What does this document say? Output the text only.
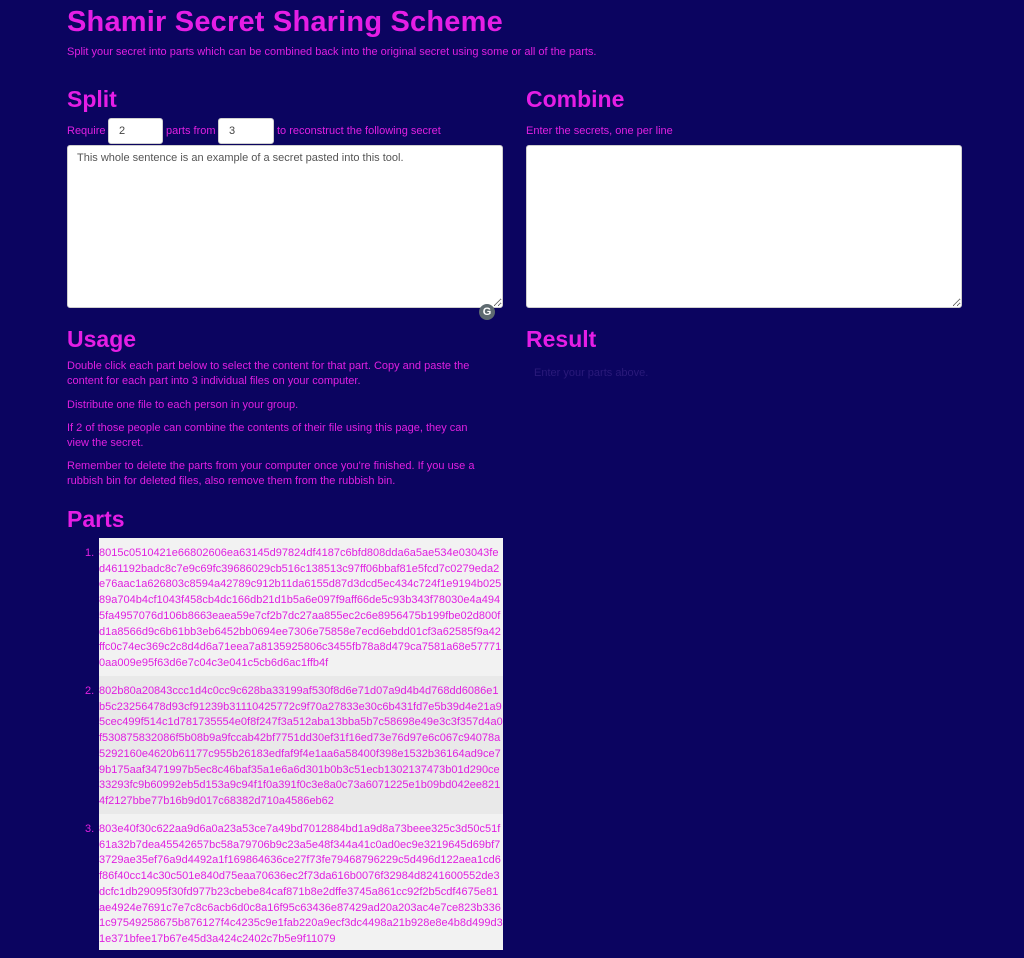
Shamir Secret Sharing Scheme
Split your secret into parts which can be combined back into the original secret using some or all of the parts.
Split
Require
2	parts from
3	to reconstruct the following secret
This whole sentence is an example of a secret pasted into this tool.
G
Combine
Enter the secrets, one per line
Usage

Double click each part below to select the content for that part. Copy and paste the content for each part into 3 individual files on your computer.

Distribute one file to each person in your group.

If 2 of those people can combine the contents of their file using this page, they can view the secret.

Remember to delete the parts from your computer once you're finished. If you use a rubbish bin for deleted files, also remove them from the rubbish bin.

Result
Enter your parts above.
Parts
1. 8015c0510421e66802606ea63145d97824df4187c6bfd808dda6a5ae534e03043fed461192badc8c7e9c69fc39686029cb516c138513c97ff06bbaf81e5fcd7c0279eda2e76aac1a626803c8594a42789c912b11da6155d87d3dcd5ec434c724f1e9194b02589a704b4cf1043f458cb4dc166db21d1b5a6e097f9aff66de5c93b343f78030e4a4945fa4957076d106b8663eaea59e7cf2b7dc27aa855ec2c6e8956475b199fbe02d800fd1a8566d9c6b61bb3eb6452bb0694ee7306e75858e7ecd6ebdd01cf3a62585f9a42ffc0c74ec369c2c8d4d6a71eea7a8135925806c3455fb78a8d479ca7581a68e577710aa009e95f63d6e7c04c3e041c5cb6d6ac1ffb4f
2. 802b80a20843ccc1d4c0cc9c628ba33199af530f8d6e71d07a9d4b4d768dd6086e1b5c23256478d93cf91239b31110425772c9f70a27833e30c6b431fd7e5b39d4e21a95cec499f514c1d781735554e0f8f247f3a512aba13bba5b7c58698e49e3c3f357d4a0f530875832086f5b08b9a9fccab42bf7751dd30ef31f16ed73e76d97e6c067c94078a5292160e4620b61177c955b26183edfaf9f4e1aa6a58400f398e1532b36164ad9ce79b175aaf3471997b5ec8c46baf35a1e6a6d301b0b3c51ecb1302137473b01d290ce33293fc9b60992eb5d153a9c94f1f0a391f0c3e8a0c73a6071225e1b09bd042ee8214f2127bbe77b16b9d017c68382d710a4586eb62
3. 803e40f30c622aa9d6a0a23a53ce7a49bd7012884bd1a9d8a73beee325c3d50c51f61a32b7dea45542657bc58a79706b9c23a5e48f344a41c0ad0ec9e3219645d69bf73729ae35ef76a9d4492a1f169864636ce27f73fe79468796229c5d496d122aea1cd6f86f40cc14c30c501e840d75eaa70636ec2f73da616b0076f32984d8241600552de3dcfc1db29095f30fd977b23cbebe84caf871b8e2dffe3745a861cc92f2b5cdf4675e81ae4924e7691c7e7c8c6acb6d0c8a16f95c63436e87429ad20a203ac4e7ce823b3361c97549258675b876127f4c4235c9e1fab220a9ecf3dc4498a21b928e8e4b8d499d31e371bfee17b67e45d3a424c2402c7b5e9f11079
